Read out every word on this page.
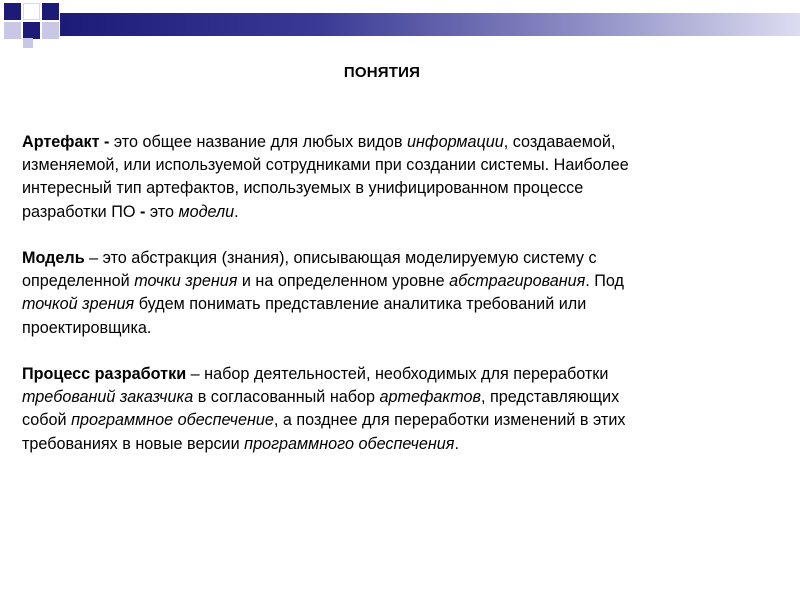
ПОНЯТИЯ
Артефакт - это общее название для любых видов информации, создаваемой,
изменяемой, или используемой сотрудниками при создании системы. Наиболее
интересный тип артефактов, используемых в унифицированном процессе
разработки ПО - это модели.
Модель – это абстракция (знания), описывающая моделируемую систему с
определенной точки зрения и на определенном уровне абстрагирования. Под
точкой зрения будем понимать представление аналитика требований или
проектировщика.
Процесс разработки – набор деятельностей, необходимых для переработки
требований заказчика в согласованный набор артефактов, представляющих
собой программное обеспечение, а позднее для переработки изменений в этих
требованиях в новые версии программного обеспечения.
